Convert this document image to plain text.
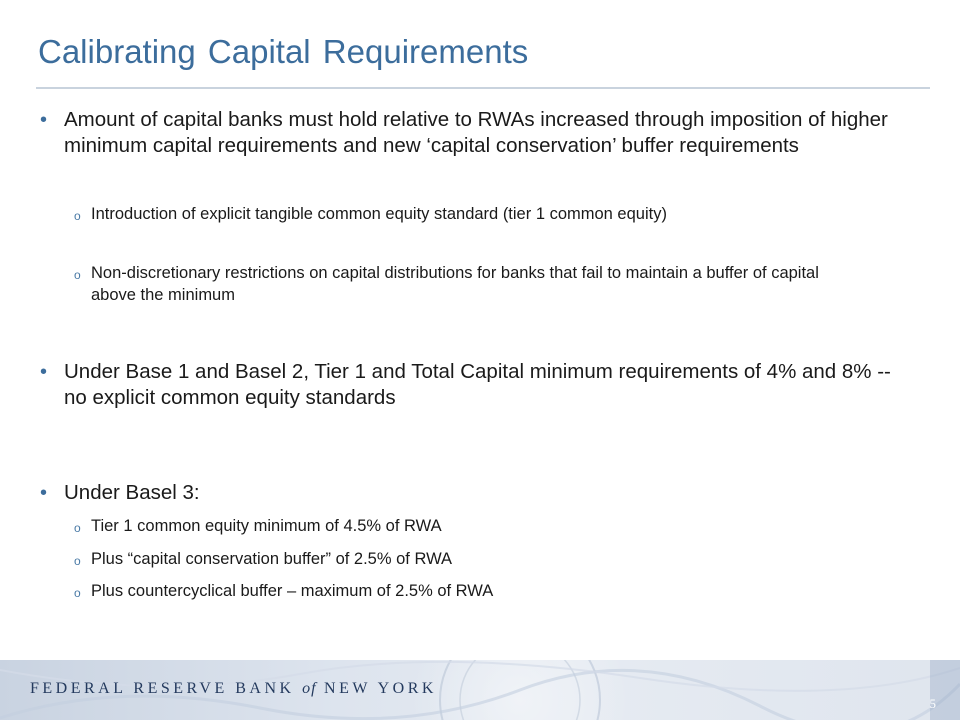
Calibrating Capital Requirements
• Amount of capital banks must hold relative to RWAs increased through imposition of higher minimum capital requirements and new ‘capital conservation’ buffer requirements
o Introduction of explicit tangible common equity standard (tier 1 common equity)
o Non-discretionary restrictions on capital distributions for banks that fail to maintain a buffer of capital above the minimum
• Under Base 1 and Basel 2, Tier 1 and Total Capital minimum requirements of 4% and 8% -- no explicit common equity standards
• Under Basel 3:
o Tier 1 common equity minimum of 4.5% of RWA
o Plus “capital conservation buffer” of 2.5% of RWA
o Plus countercyclical buffer – maximum of 2.5% of RWA
FEDERAL RESERVE BANK of NEW YORK
5
